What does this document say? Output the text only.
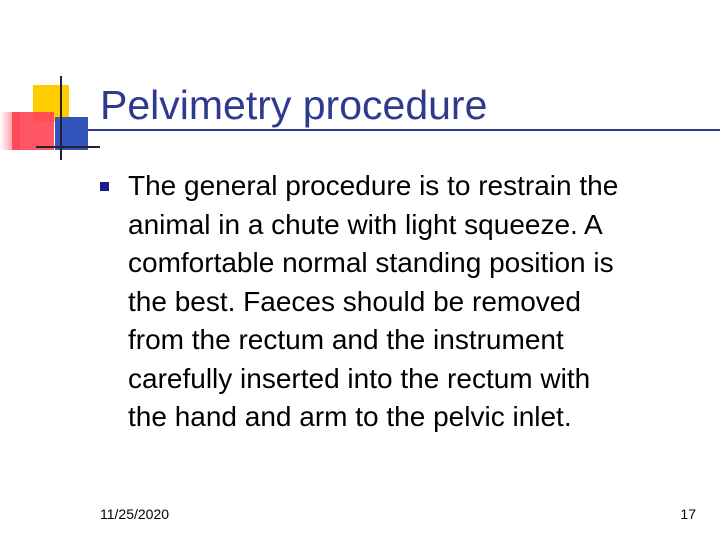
Pelvimetry procedure
The general procedure is to restrain the
animal in a chute with light squeeze. A
comfortable normal standing position is
the best. Faeces should be removed
from the rectum and the instrument
carefully inserted into the rectum with
the hand and arm to the pelvic inlet.
11/25/2020	17
